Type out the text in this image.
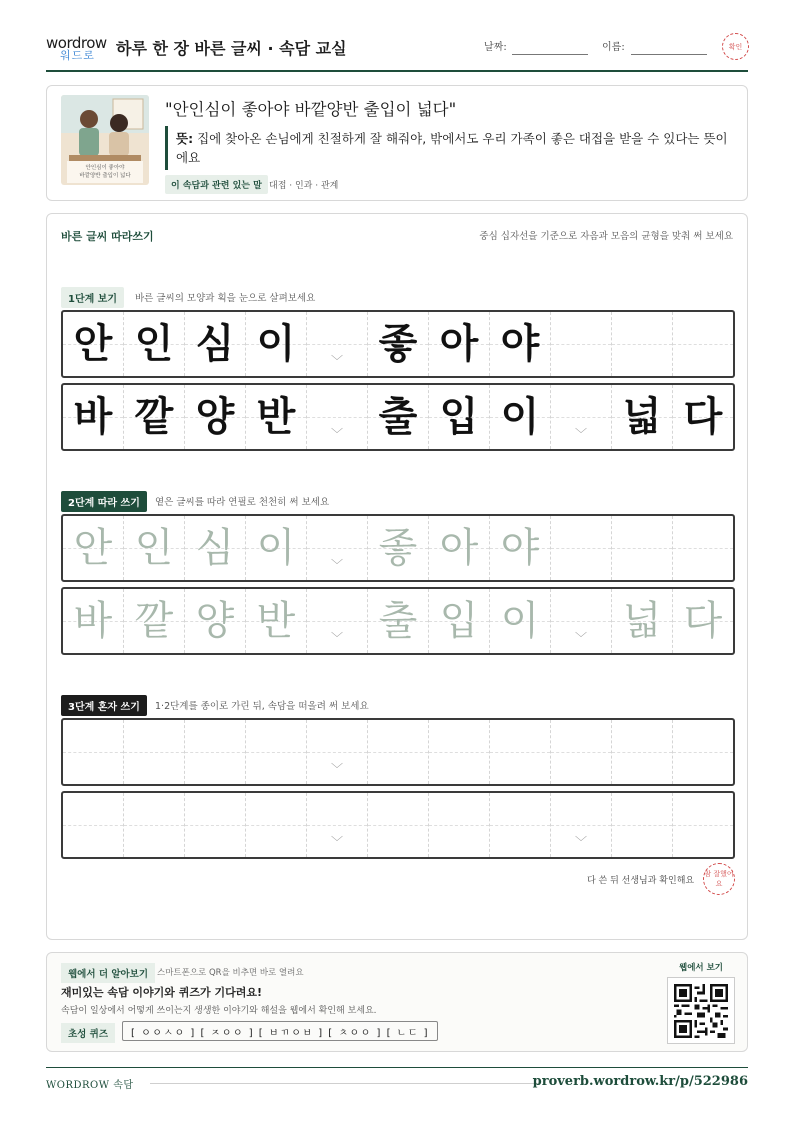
wordrow
워드로 하루 한 장 바른 글씨 · 속담 교실	날짜:	이름:	확인
안인심이 좋아야
바깥양반 출입이 넓다
"안인심이 좋아야 바깥양반 출입이 넓다"
뜻: 집에 찾아온 손님에게 친절하게 잘 해줘야, 밖에서도 우리 가족이 좋은 대접을 받을 수 있다는 뜻이에요
이 속담과 관련 있는 말 대접 · 인과 · 관계
바른 글씨 따라쓰기	중심 십자선을 기준으로 자음과 모음의 균형을 맞춰 써 보세요
1단계 보기	바른 글씨의 모양과 획을 눈으로 살펴보세요
안 인 심 이	﹀ 좋 아 야
바 깥 양 반	﹀ 출 입 이	﹀ 넓 다
2단계 따라 쓰기	옅은 글씨를 따라 연필로 천천히 써 보세요
안 인 심 이	﹀ 좋 아 야
바 깥 양 반	﹀ 출 입 이	﹀ 넓 다
3단계 혼자 쓰기	1·2단계를 종이로 가린 뒤, 속담을 떠올려 써 보세요
﹀
﹀	﹀
다 쓴 뒤 선생님과 확인해요
참 잘했어요
웹에서 더 알아보기	스마트폰으로 QR을 비추면 바로 열려요
재미있는 속담 이야기와 퀴즈가 기다려요!
속담이 일상에서 어떻게 쓰이는지 생생한 이야기와 해설을 웹에서 확인해 보세요.
초성 퀴즈	[ ㅇㅇㅅㅇ ] [ ㅈㅇㅇ ] [ ㅂㄲㅇㅂ ] [ ㅊㅇㅇ ] [ ㄴㄷ ]
웹에서 보기
WORDROW 속담	proverb.wordrow.kr/p/522986
